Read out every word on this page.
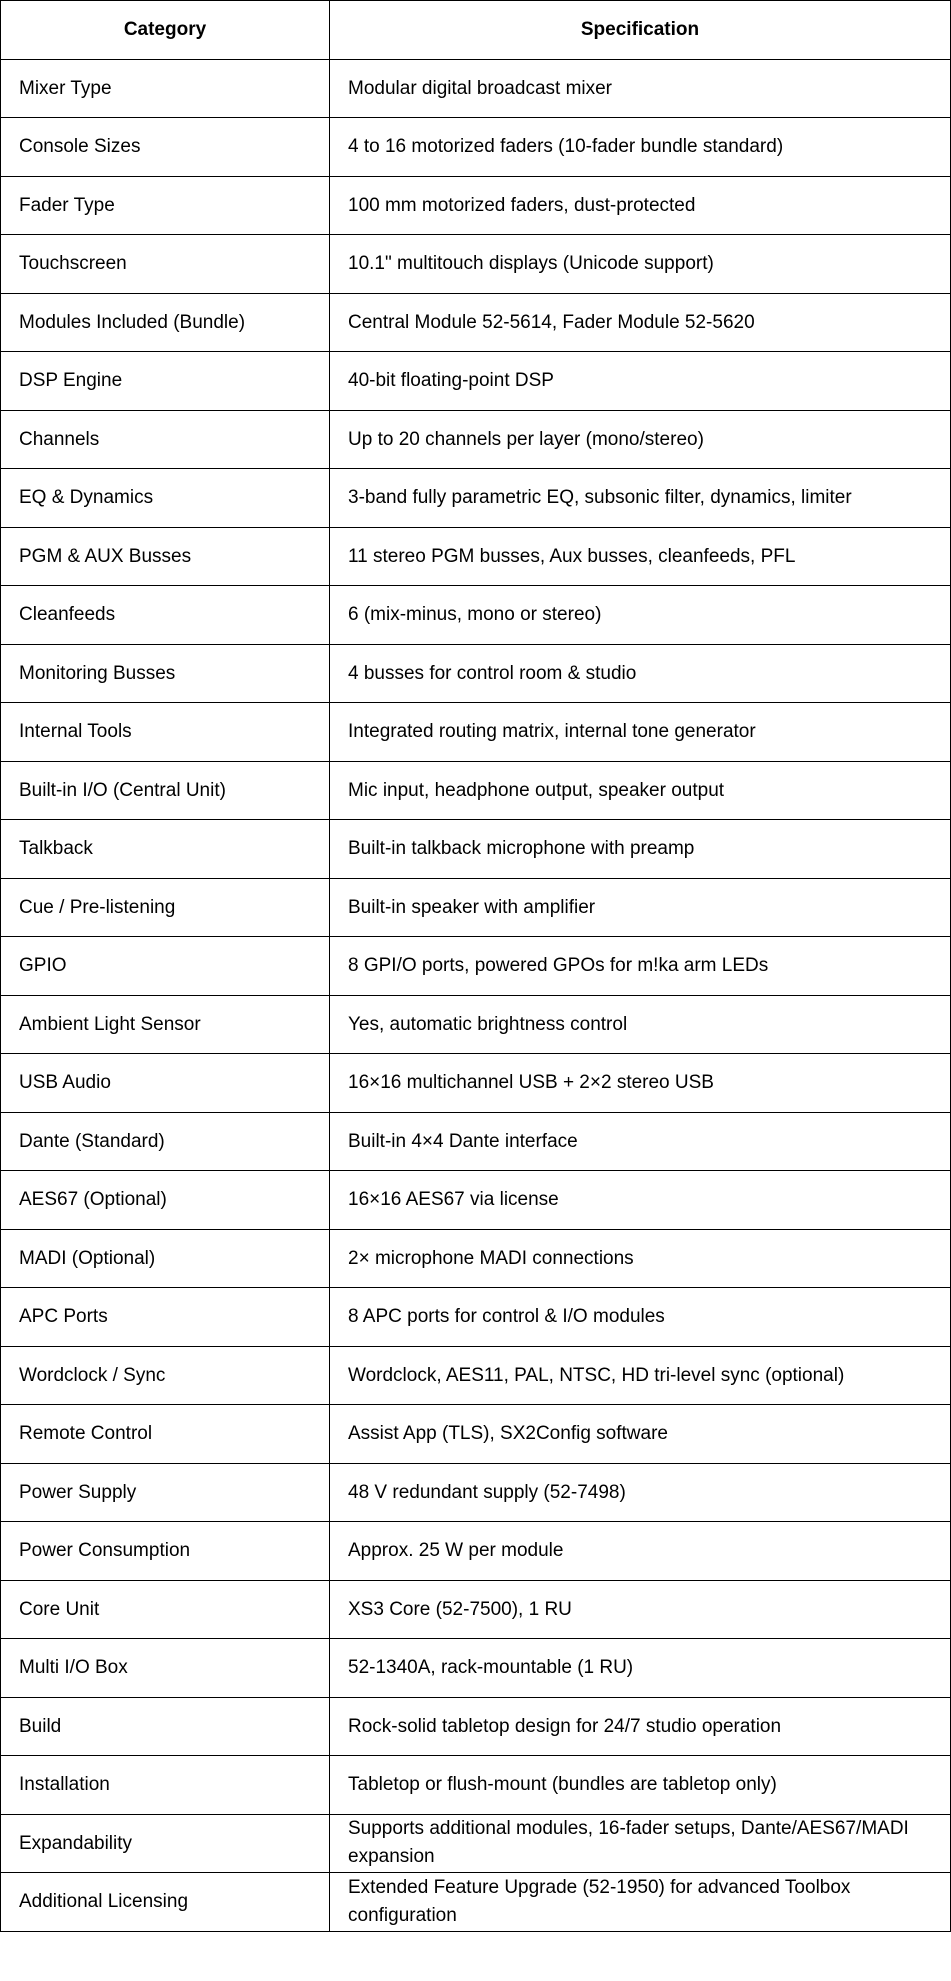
Category	Specification
Mixer Type	Modular digital broadcast mixer
Console Sizes	4 to 16 motorized faders (10-fader bundle standard)
Fader Type	100 mm motorized faders, dust-protected
Touchscreen	10.1" multitouch displays (Unicode support)
Modules Included (Bundle)	Central Module 52-5614, Fader Module 52-5620
DSP Engine	40-bit floating-point DSP
Channels	Up to 20 channels per layer (mono/stereo)
EQ & Dynamics	3-band fully parametric EQ, subsonic filter, dynamics, limiter
PGM & AUX Busses	11 stereo PGM busses, Aux busses, cleanfeeds, PFL
Cleanfeeds	6 (mix-minus, mono or stereo)
Monitoring Busses	4 busses for control room & studio
Internal Tools	Integrated routing matrix, internal tone generator
Built-in I/O (Central Unit)	Mic input, headphone output, speaker output
Talkback	Built-in talkback microphone with preamp
Cue / Pre-listening	Built-in speaker with amplifier
GPIO	8 GPI/O ports, powered GPOs for m!ka arm LEDs
Ambient Light Sensor	Yes, automatic brightness control
USB Audio	16×16 multichannel USB + 2×2 stereo USB
Dante (Standard)	Built-in 4×4 Dante interface
AES67 (Optional)	16×16 AES67 via license
MADI (Optional)	2× microphone MADI connections
APC Ports	8 APC ports for control & I/O modules
Wordclock / Sync	Wordclock, AES11, PAL, NTSC, HD tri-level sync (optional)
Remote Control	Assist App (TLS), SX2Config software
Power Supply	48 V redundant supply (52-7498)
Power Consumption	Approx. 25 W per module
Core Unit	XS3 Core (52-7500), 1 RU
Multi I/O Box	52-1340A, rack-mountable (1 RU)
Build	Rock-solid tabletop design for 24/7 studio operation
Installation	Tabletop or flush-mount (bundles are tabletop only)
Expandability	Supports additional modules, 16-fader setups, Dante/AES67/MADI expansion
Additional Licensing	Extended Feature Upgrade (52-1950) for advanced Toolbox configuration
